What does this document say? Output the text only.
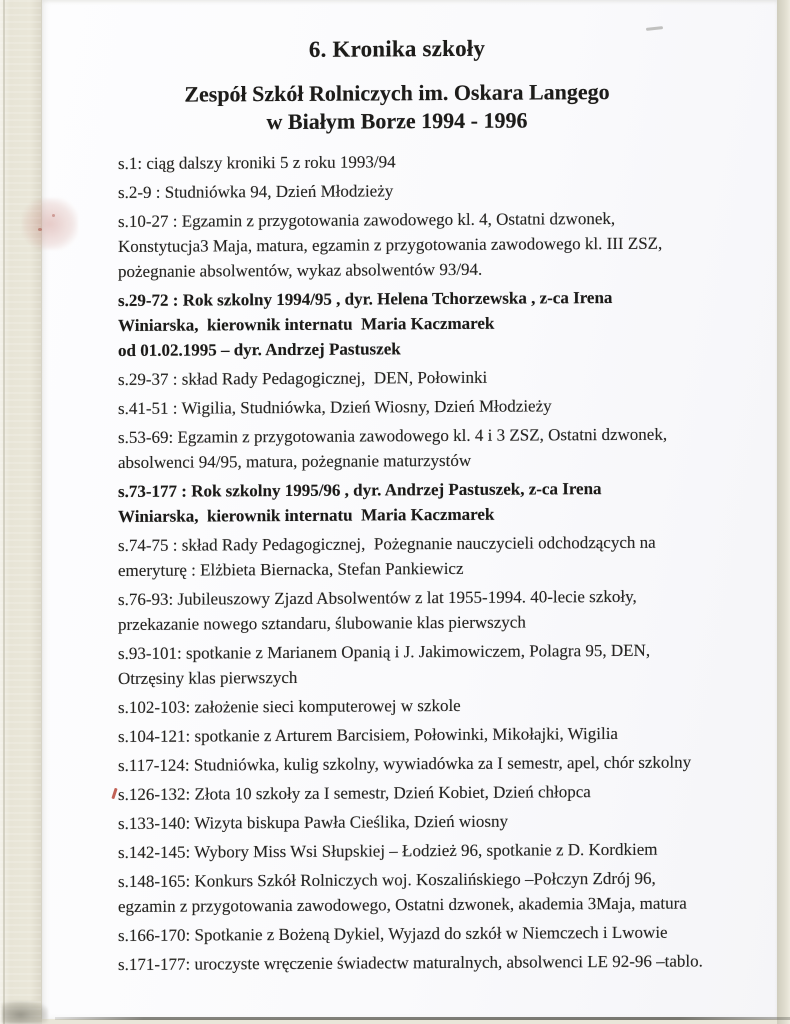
6. Kronika szkoły
Zespół Szkół Rolniczych im. Oskara Langego
w Białym Borze 1994 - 1996
s.1: ciąg dalszy kroniki 5 z roku 1993/94
s.2-9 : Studniówka 94, Dzień Młodzieży
s.10-27 : Egzamin z przygotowania zawodowego kl. 4, Ostatni dzwonek,
Konstytucja3 Maja, matura, egzamin z przygotowania zawodowego kl. III ZSZ,
pożegnanie absolwentów, wykaz absolwentów 93/94.
s.29-72 : Rok szkolny 1994/95 , dyr. Helena Tchorzewska , z-ca Irena
Winiarska,  kierownik internatu  Maria Kaczmarek
od 01.02.1995 – dyr. Andrzej Pastuszek
s.29-37 : skład Rady Pedagogicznej,  DEN, Połowinki
s.41-51 : Wigilia, Studniówka, Dzień Wiosny, Dzień Młodzieży
s.53-69: Egzamin z przygotowania zawodowego kl. 4 i 3 ZSZ, Ostatni dzwonek,
absolwenci 94/95, matura, pożegnanie maturzystów
s.73-177 : Rok szkolny 1995/96 , dyr. Andrzej Pastuszek, z-ca Irena
Winiarska,  kierownik internatu  Maria Kaczmarek
s.74-75 : skład Rady Pedagogicznej,  Pożegnanie nauczycieli odchodzących na
emeryturę : Elżbieta Biernacka, Stefan Pankiewicz
s.76-93: Jubileuszowy Zjazd Absolwentów z lat 1955-1994. 40-lecie szkoły,
przekazanie nowego sztandaru, ślubowanie klas pierwszych
s.93-101: spotkanie z Marianem Opanią i J. Jakimowiczem, Polagra 95, DEN,
Otrzęsiny klas pierwszych
s.102-103: założenie sieci komputerowej w szkole
s.104-121: spotkanie z Arturem Barcisiem, Połowinki, Mikołajki, Wigilia
s.117-124: Studniówka, kulig szkolny, wywiadówka za I semestr, apel, chór szkolny
s.126-132: Złota 10 szkoły za I semestr, Dzień Kobiet, Dzień chłopca
s.133-140: Wizyta biskupa Pawła Cieślika, Dzień wiosny
s.142-145: Wybory Miss Wsi Słupskiej – Łodzież 96, spotkanie z D. Kordkiem
s.148-165: Konkurs Szkół Rolniczych woj. Koszalińskiego –Połczyn Zdrój 96,
egzamin z przygotowania zawodowego, Ostatni dzwonek, akademia 3Maja, matura
s.166-170: Spotkanie z Bożeną Dykiel, Wyjazd do szkół w Niemczech i Lwowie
s.171-177: uroczyste wręczenie świadectw maturalnych, absolwenci LE 92-96 –tablo.
